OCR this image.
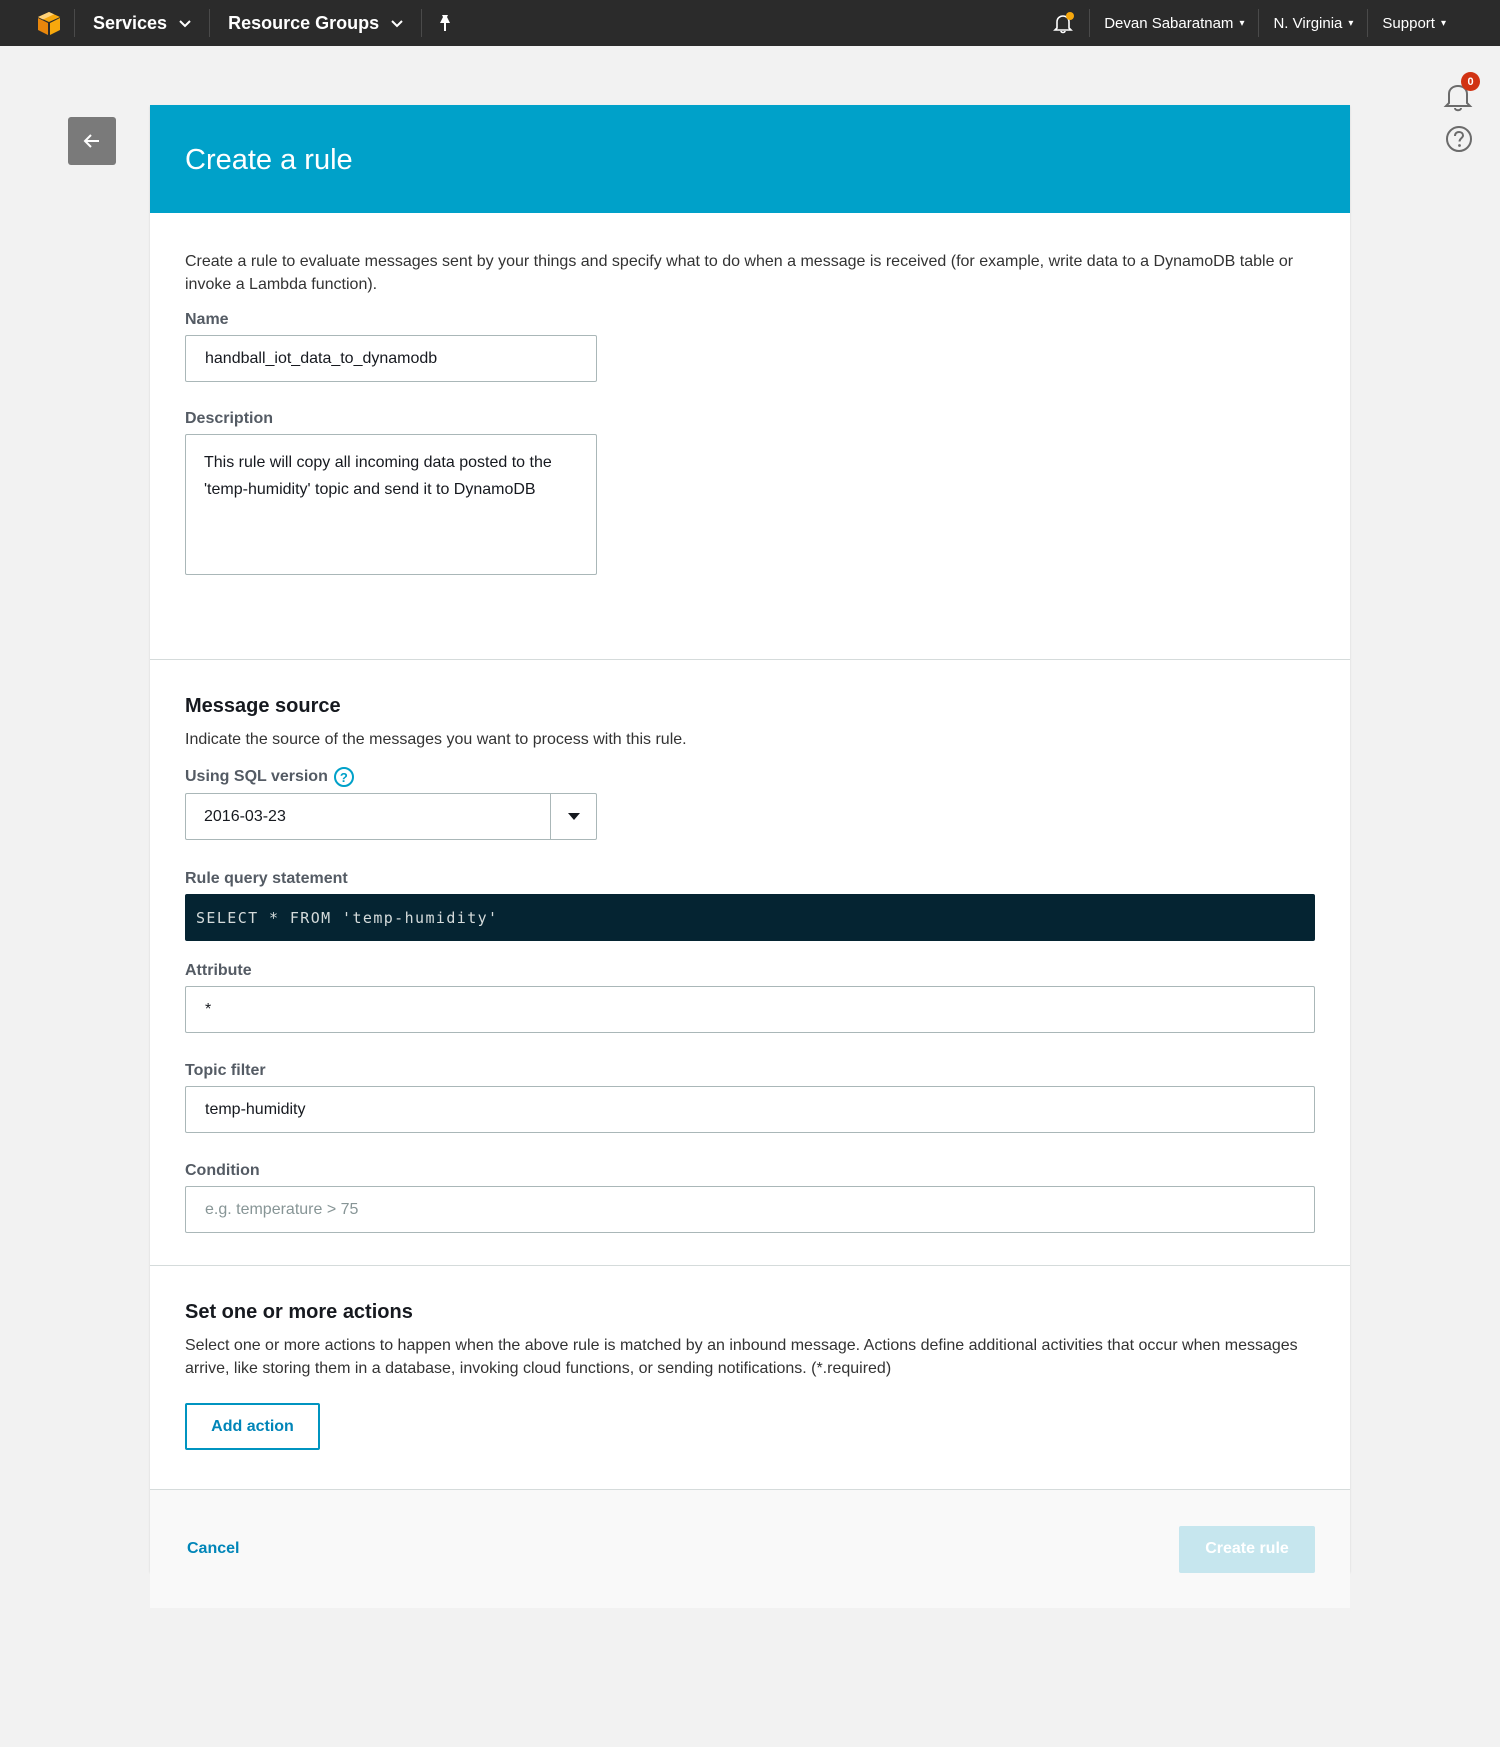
Services	Resource Groups	Devan Sabaratnam ▾ N. Virginia ▾ Support ▾
0
Create a rule

Create a rule to evaluate messages sent by your things and specify what to do when a message is received (for example, write data to a DynamoDB table or invoke a Lambda function).

Name
handball_iot_data_to_dynamodb
Description
This rule will copy all incoming data posted to the 'temp-humidity' topic and send it to DynamoDB
Message source

Indicate the source of the messages you want to process with this rule.

Using SQL version ?
2016-03-23
Rule query statement
SELECT * FROM 'temp-humidity'
Attribute
*
Topic filter
temp-humidity
Condition
e.g. temperature > 75
Set one or more actions

Select one or more actions to happen when the above rule is matched by an inbound message. Actions define additional activities that occur when messages arrive, like storing them in a database, invoking cloud functions, or sending notifications. (*.required)

Add action
Cancel	Create rule
